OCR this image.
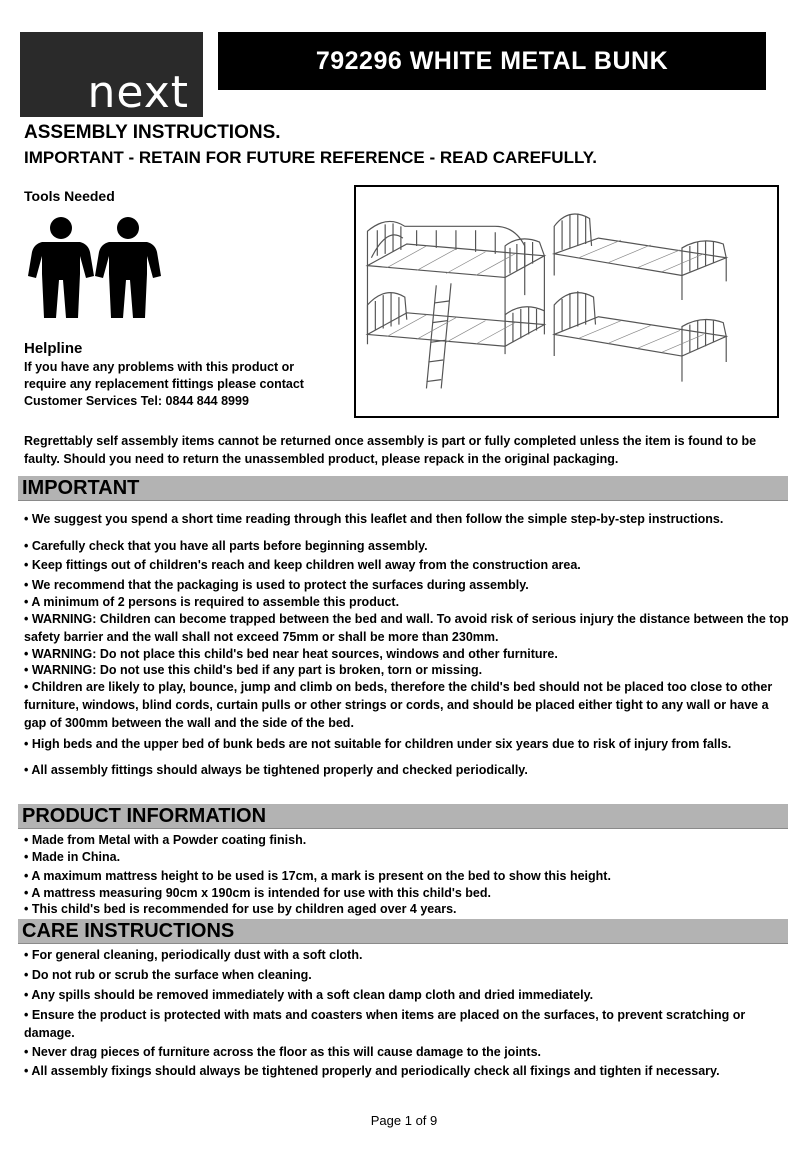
next
792296 WHITE METAL BUNK
ASSEMBLY INSTRUCTIONS.
IMPORTANT - RETAIN FOR FUTURE REFERENCE - READ CAREFULLY.
Tools Needed
Helpline
If you have any problems with this product or
require any replacement fittings please contact
Customer Services Tel: 0844 844 8999
Regrettably self assembly items cannot be returned once assembly is part or fully completed unless the item is found to be faulty. Should you need to return the unassembled product, please repack in the original packaging.
IMPORTANT
• We suggest you spend a short time reading through this leaflet and then follow the simple step-by-step instructions.
• Carefully check that you have all parts before beginning assembly.
• Keep fittings out of children's reach and keep children well away from the construction area.
• We recommend that the packaging is used to protect the surfaces during assembly.
• A minimum of 2 persons is required to assemble this product.
• WARNING: Children can become trapped between the bed and wall. To avoid risk of serious injury the distance between the top safety barrier and the wall shall not exceed 75mm or shall be more than 230mm.
• WARNING: Do not place this child's bed near heat sources, windows and other furniture.
• WARNING: Do not use this child's bed if any part is broken, torn or missing.
• Children are likely to play, bounce, jump and climb on beds, therefore the child's bed should not be placed too close to other furniture, windows, blind cords, curtain pulls or other strings or cords, and should be placed either tight to any wall or have a gap of 300mm between the wall and the side of the bed.
• High beds and the upper bed of bunk beds are not suitable for children under six years due to risk of injury from falls.
• All assembly fittings should always be tightened properly and checked periodically.
PRODUCT INFORMATION
• Made from Metal with a Powder coating finish.
• Made in China.
• A maximum mattress height to be used is 17cm, a mark is present on the bed to show this height.
• A mattress measuring 90cm x 190cm is intended for use with this child's bed.
• This child's bed is recommended for use by children aged over 4 years.
CARE INSTRUCTIONS
• For general cleaning, periodically dust with a soft cloth.
• Do not rub or scrub the surface when cleaning.
• Any spills should be removed immediately with a soft clean damp cloth and dried immediately.
• Ensure the product is protected with mats and coasters when items are placed on the surfaces, to prevent scratching or damage.
• Never drag pieces of furniture across the floor as this will cause damage to the joints.
• All assembly fixings should always be tightened properly and periodically check all fixings and tighten if necessary.
Page 1 of 9
